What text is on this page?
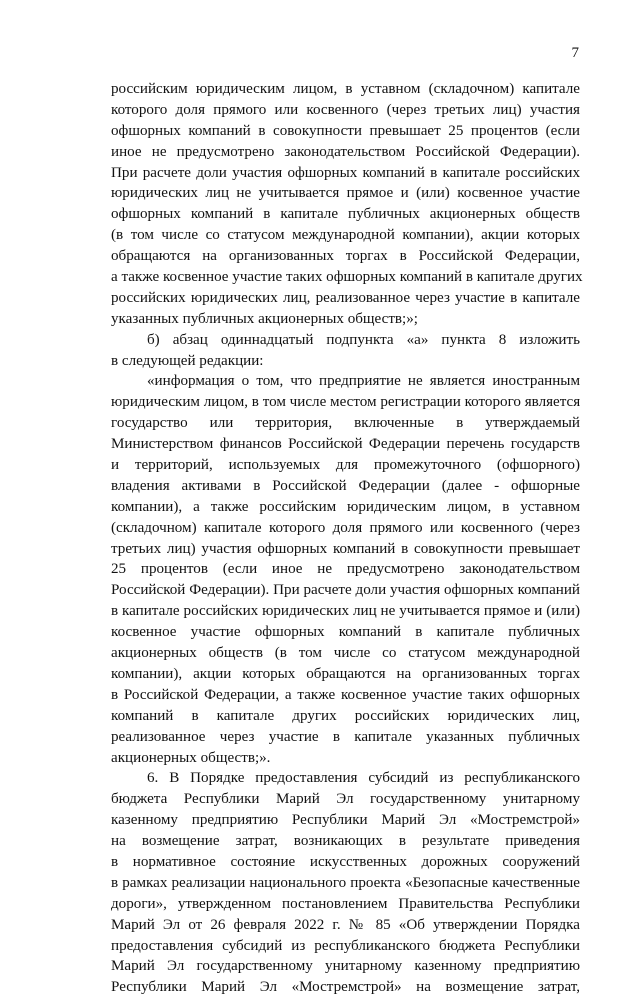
7
российским юридическим лицом, в уставном (складочном) капитале
которого доля прямого или косвенного (через третьих лиц) участия
офшорных компаний в совокупности превышает 25 процентов (если
иное не предусмотрено законодательством Российской Федерации).
При расчете доли участия офшорных компаний в капитале российских
юридических лиц не учитывается прямое и (или) косвенное участие
офшорных компаний в капитале публичных акционерных обществ
(в том числе со статусом международной компании), акции которых
обращаются на организованных торгах в Российской Федерации,
а также косвенное участие таких офшорных компаний в капитале других
российских юридических лиц, реализованное через участие в капитале
указанных публичных акционерных обществ;»;
б) абзац одиннадцатый подпункта «а» пункта 8 изложить
в следующей редакции:
«информация о том, что предприятие не является иностранным
юридическим лицом, в том числе местом регистрации которого является
государство или территория, включенные в утверждаемый
Министерством финансов Российской Федерации перечень государств
и территорий, используемых для промежуточного (офшорного)
владения активами в Российской Федерации (далее - офшорные
компании), а также российским юридическим лицом, в уставном
(складочном) капитале которого доля прямого или косвенного (через
третьих лиц) участия офшорных компаний в совокупности превышает
25 процентов (если иное не предусмотрено законодательством
Российской Федерации). При расчете доли участия офшорных компаний
в капитале российских юридических лиц не учитывается прямое и (или)
косвенное участие офшорных компаний в капитале публичных
акционерных обществ (в том числе со статусом международной
компании), акции которых обращаются на организованных торгах
в Российской Федерации, а также косвенное участие таких офшорных
компаний в капитале других российских юридических лиц,
реализованное через участие в капитале указанных публичных
акционерных обществ;».
6. В Порядке предоставления субсидий из республиканского
бюджета Республики Марий Эл государственному унитарному
казенному предприятию Республики Марий Эл «Мостремстрой»
на возмещение затрат, возникающих в результате приведения
в нормативное состояние искусственных дорожных сооружений
в рамках реализации национального проекта «Безопасные качественные
дороги», утвержденном постановлением Правительства Республики
Марий Эл от 26 февраля 2022 г. № 85 «Об утверждении Порядка
предоставления субсидий из республиканского бюджета Республики
Марий Эл государственному унитарному казенному предприятию
Республики Марий Эл «Мостремстрой» на возмещение затрат,
